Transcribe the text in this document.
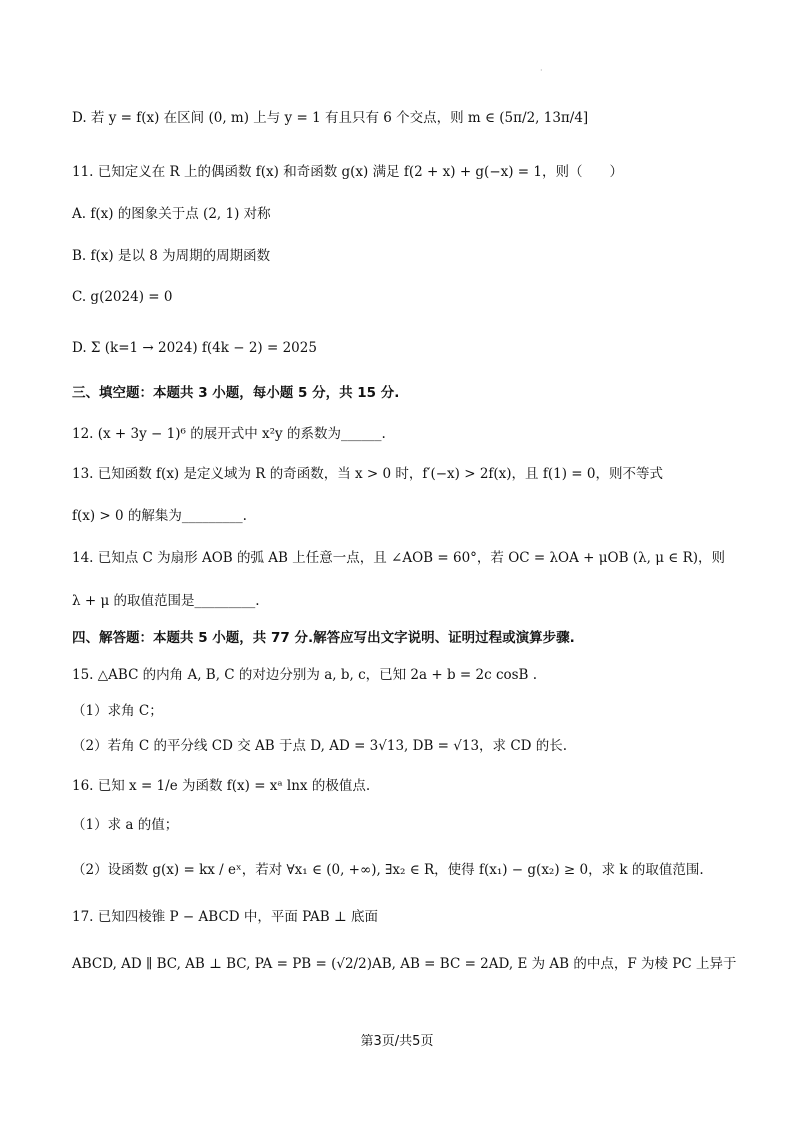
·
D. 若 y = f(x) 在区间 (0, m) 上与 y = 1 有且只有 6 个交点，则 m ∈ (5π/2, 13π/4]
11. 已知定义在 R 上的偶函数 f(x) 和奇函数 g(x) 满足 f(2 + x) + g(−x) = 1，则（　　）
A. f(x) 的图象关于点 (2, 1) 对称
B. f(x) 是以 8 为周期的周期函数
C. g(2024) = 0
D. Σ (k=1 → 2024) f(4k − 2) = 2025
三、填空题：本题共 3 小题，每小题 5 分，共 15 分.
12. (x + 3y − 1)⁶ 的展开式中 x²y 的系数为______.
13. 已知函数 f(x) 是定义域为 R 的奇函数，当 x > 0 时，f′(−x) > 2f(x)，且 f(1) = 0，则不等式
f(x) > 0 的解集为_________.
14. 已知点 C 为扇形 AOB 的弧 AB 上任意一点，且 ∠AOB = 60°，若 OC = λOA + μOB (λ, μ ∈ R)，则
λ + μ 的取值范围是_________.
四、解答题：本题共 5 小题，共 77 分.解答应写出文字说明、证明过程或演算步骤.
15. △ABC 的内角 A, B, C 的对边分别为 a, b, c，已知 2a + b = 2c cosB .
（1）求角 C；
（2）若角 C 的平分线 CD 交 AB 于点 D, AD = 3√13, DB = √13，求 CD 的长.
16. 已知 x = 1/e 为函数 f(x) = xᵃ lnx 的极值点.
（1）求 a 的值；
（2）设函数 g(x) = kx / eˣ，若对 ∀x₁ ∈ (0, +∞), ∃x₂ ∈ R，使得 f(x₁) − g(x₂) ≥ 0，求 k 的取值范围.
17. 已知四棱锥 P − ABCD 中，平面 PAB ⊥ 底面
ABCD, AD ∥ BC, AB ⊥ BC, PA = PB = (√2/2)AB, AB = BC = 2AD, E 为 AB 的中点，F 为棱 PC 上异于
第3页/共5页
